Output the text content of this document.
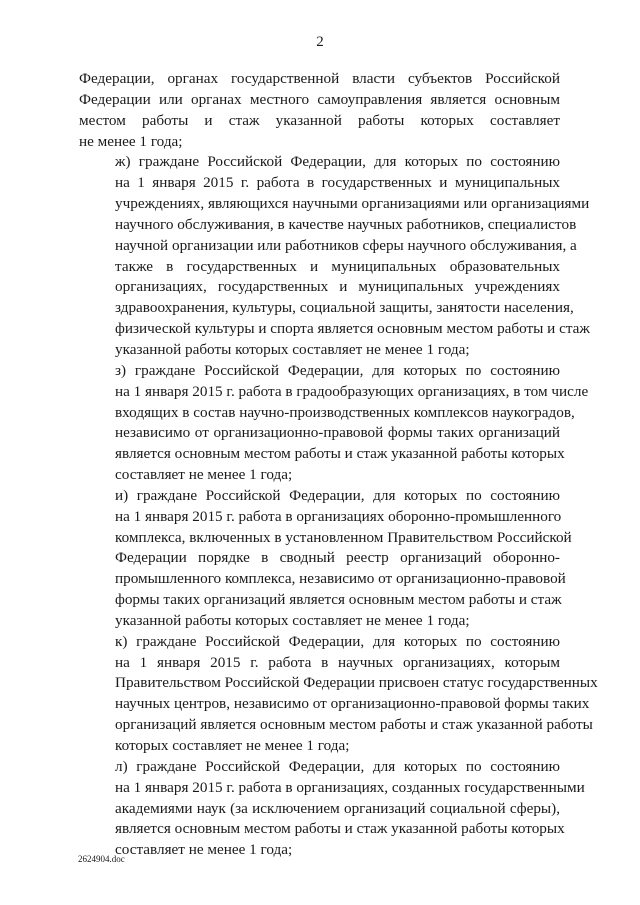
2

Федерации, органах государственной власти субъектов Российской
Федерации или органах местного самоуправления является основным
местом работы и стаж указанной работы которых составляет
не менее 1 года;

ж) граждане Российской Федерации, для которых по состоянию
на 1 января 2015 г. работа в государственных и муниципальных
учреждениях, являющихся научными организациями или организациями
научного обслуживания, в качестве научных работников, специалистов
научной организации или работников сферы научного обслуживания, а
также в государственных и муниципальных образовательных
организациях, государственных и муниципальных учреждениях
здравоохранения, культуры, социальной защиты, занятости населения,
физической культуры и спорта является основным местом работы и стаж
указанной работы которых составляет не менее 1 года;

з) граждане Российской Федерации, для которых по состоянию
на 1 января 2015 г. работа в градообразующих организациях, в том числе
входящих в состав научно-производственных комплексов наукоградов,
независимо от организационно-правовой формы таких организаций
является основным местом работы и стаж указанной работы которых
составляет не менее 1 года;

и) граждане Российской Федерации, для которых по состоянию
на 1 января 2015 г. работа в организациях оборонно-промышленного
комплекса, включенных в установленном Правительством Российской
Федерации порядке в сводный реестр организаций оборонно-
промышленного комплекса, независимо от организационно-правовой
формы таких организаций является основным местом работы и стаж
указанной работы которых составляет не менее 1 года;

к) граждане Российской Федерации, для которых по состоянию
на 1 января 2015 г. работа в научных организациях, которым
Правительством Российской Федерации присвоен статус государственных
научных центров, независимо от организационно-правовой формы таких
организаций является основным местом работы и стаж указанной работы
которых составляет не менее 1 года;

л) граждане Российской Федерации, для которых по состоянию
на 1 января 2015 г. работа в организациях, созданных государственными
академиями наук (за исключением организаций социальной сферы),
является основным местом работы и стаж указанной работы которых
составляет не менее 1 года;

2624904.doc
